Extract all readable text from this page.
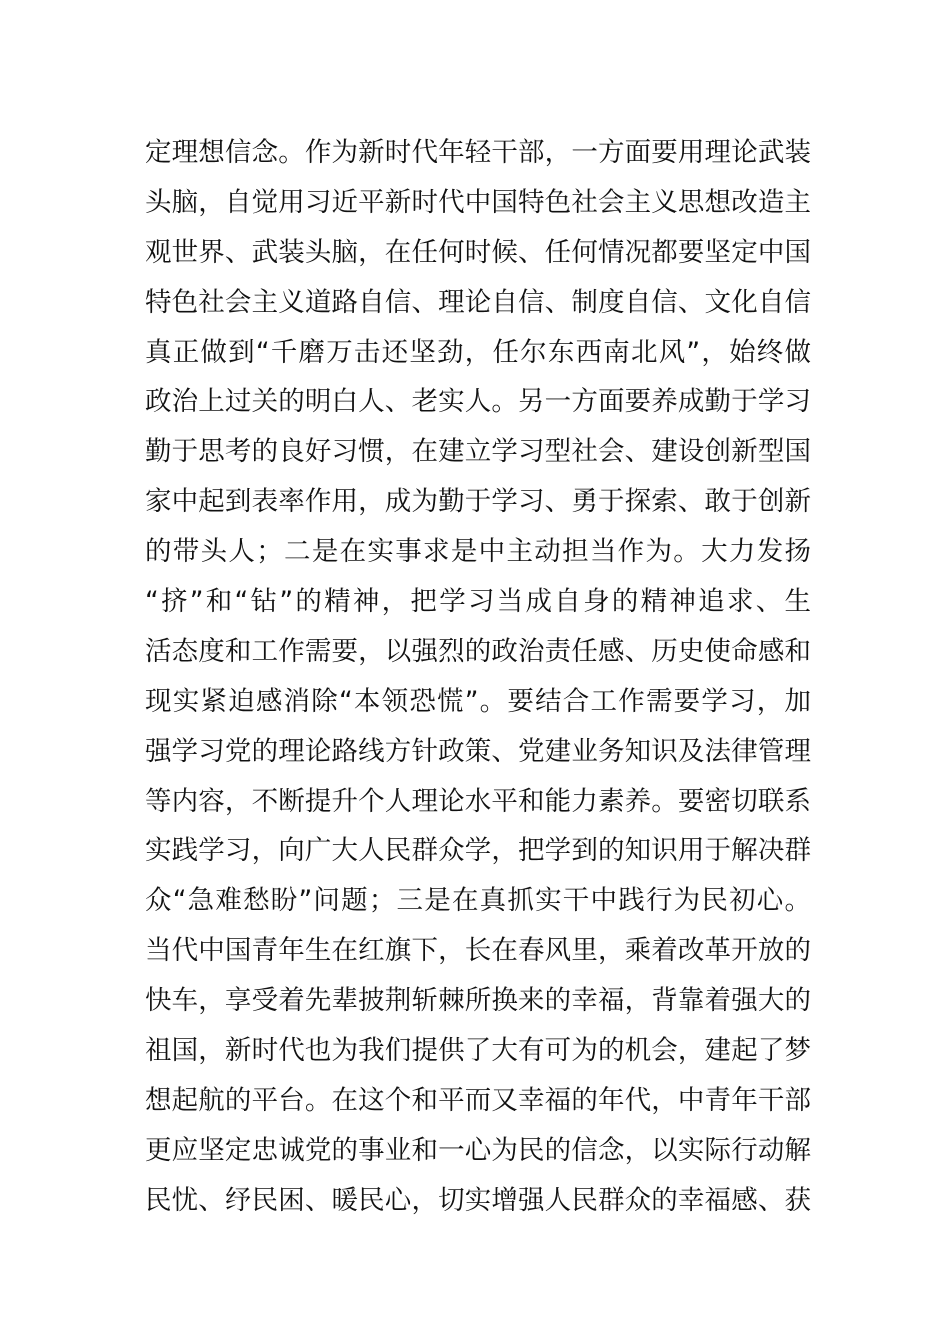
定理想信念。作为新时代年轻干部，一方面要用理论武装
头脑，自觉用习近平新时代中国特色社会主义思想改造主
观世界、武装头脑，在任何时候、任何情况都要坚定中国
特色社会主义道路自信、理论自信、制度自信、文化自信
真正做到“千磨万击还坚劲，任尔东西南北风”，始终做
政治上过关的明白人、老实人。另一方面要养成勤于学习
勤于思考的良好习惯，在建立学习型社会、建设创新型国
家中起到表率作用，成为勤于学习、勇于探索、敢于创新
的带头人；二是在实事求是中主动担当作为。大力发扬
“挤”和“钻”的精神，把学习当成自身的精神追求、生
活态度和工作需要，以强烈的政治责任感、历史使命感和
现实紧迫感消除“本领恐慌”。要结合工作需要学习，加
强学习党的理论路线方针政策、党建业务知识及法律管理
等内容，不断提升个人理论水平和能力素养。要密切联系
实践学习，向广大人民群众学，把学到的知识用于解决群
众“急难愁盼”问题；三是在真抓实干中践行为民初心。
当代中国青年生在红旗下，长在春风里，乘着改革开放的
快车，享受着先辈披荆斩棘所换来的幸福，背靠着强大的
祖国，新时代也为我们提供了大有可为的机会，建起了梦
想起航的平台。在这个和平而又幸福的年代，中青年干部
更应坚定忠诚党的事业和一心为民的信念，以实际行动解
民忧、纾民困、暖民心，切实增强人民群众的幸福感、获
